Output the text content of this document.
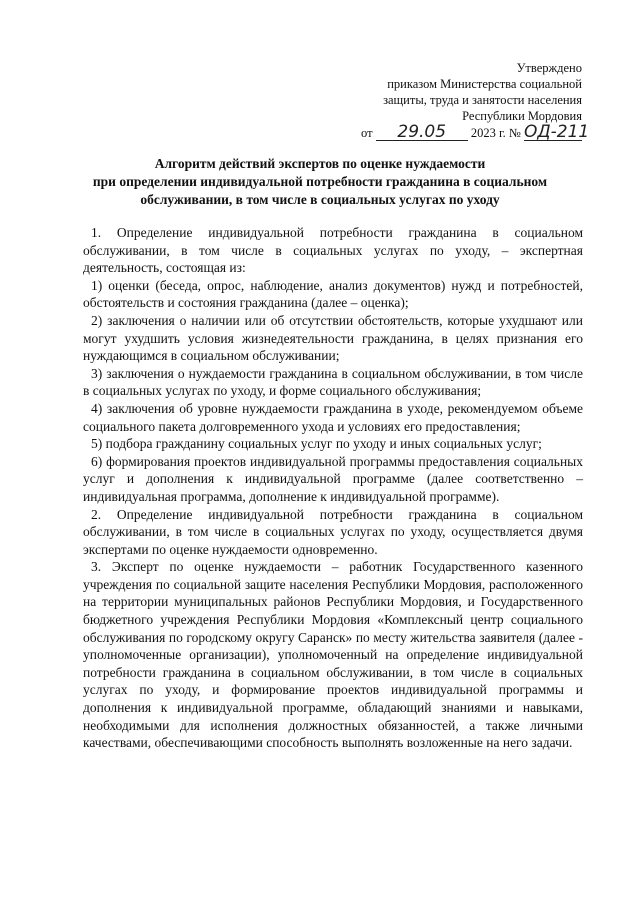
Утверждено
приказом Министерства социальной
защиты, труда и занятости населения
Республики Мордовия
от 29.05 2023 г. № ОД-211
Алгоритм действий экспертов по оценке нуждаемости
при определении индивидуальной потребности гражданина в социальном
обслуживании, в том числе в социальных услугах по уходу

1. Определение индивидуальной потребности гражданина в социальном обслуживании, в том числе в социальных услугах по уходу, – экспертная деятельность, состоящая из:

1) оценки (беседа, опрос, наблюдение, анализ документов) нужд и потребностей, обстоятельств и состояния гражданина (далее – оценка);

2) заключения о наличии или об отсутствии обстоятельств, которые ухудшают или могут ухудшить условия жизнедеятельности гражданина, в целях признания его нуждающимся в социальном обслуживании;

3) заключения о нуждаемости гражданина в социальном обслуживании, в том числе в социальных услугах по уходу, и форме социального обслуживания;

4) заключения об уровне нуждаемости гражданина в уходе, рекомендуемом объеме социального пакета долговременного ухода и условиях его предоставления;

5) подбора гражданину социальных услуг по уходу и иных социальных услуг;

6) формирования проектов индивидуальной программы предоставления социальных услуг и дополнения к индивидуальной программе (далее соответственно – индивидуальная программа, дополнение к индивидуальной программе).

2. Определение индивидуальной потребности гражданина в социальном обслуживании, в том числе в социальных услугах по уходу, осуществляется двумя экспертами по оценке нуждаемости одновременно.

3. Эксперт по оценке нуждаемости – работник Государственного казенного учреждения по социальной защите населения Республики Мордовия, расположенного на территории муниципальных районов Республики Мордовия, и Государственного бюджетного учреждения Республики Мордовия «Комплексный центр социального обслуживания по городскому округу Саранск» по месту жительства заявителя (далее - уполномоченные организации), уполномоченный на определение индивидуальной потребности гражданина в социальном обслуживании, в том числе в социальных услугах по уходу, и формирование проектов индивидуальной программы и дополнения к индивидуальной программе, обладающий знаниями и навыками, необходимыми для исполнения должностных обязанностей, а также личными качествами, обеспечивающими способность выполнять возложенные на него задачи.
